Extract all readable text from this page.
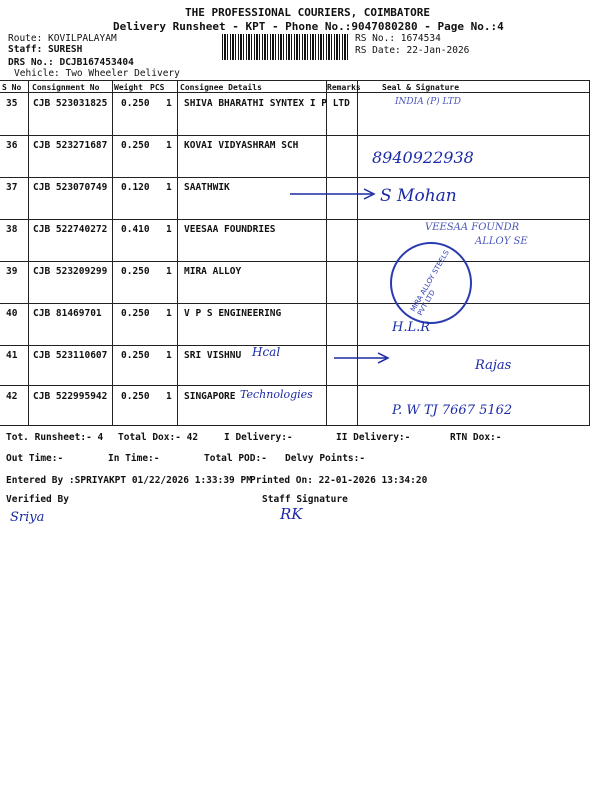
THE PROFESSIONAL COURIERS, COIMBATORE
Delivery Runsheet - KPT - Phone No.:9047080280 - Page No.:4
Route: KOVILPALAYAM
Staff: SURESH
DRS No.: DCJB167453404
Vehicle: Two Wheeler Delivery
RS No.: 1674534
RS Date: 22-Jan-2026
S No Consignment No Weight PCS Consignee Details	Remarks	Seal & Signature
35 CJB 523031825 0.250 1 SHIVA BHARATHI SYNTEX I P LTD
36 CJB 523271687 0.250 1 KOVAI VIDYASHRAM SCH
37 CJB 523070749 0.120 1 SAATHWIK
38 CJB 522740272 0.410 1 VEESAA FOUNDRIES
39 CJB 523209299 0.250 1 MIRA ALLOY
40 CJB 81469701 0.250 1 V P S ENGINEERING
41 CJB 523110607 0.250 1 SRI VISHNU
42 CJB 522995942 0.250 1 SINGAPORE
INDIA (P) LTD
8940922938
S Mohan
VEESAA FOUNDR
ALLOY SE
MIRA ALLOY STEELS PVT LTD
H.L.R
Hcal
Rajas
Technologies
P. W TJ 7667 5162
Tot. Runsheet:- 4 Total Dox:- 42	I Delivery:-	II Delivery:-	RTN Dox:-
Out Time:-	In Time:-	Total POD:- Delvy Points:-
Entered By :SPRIYAKPT 01/22/2026 1:33:39 PM
Printed On: 22-01-2026 13:34:20
Verified By	Staff Signature
Sriya	RK
